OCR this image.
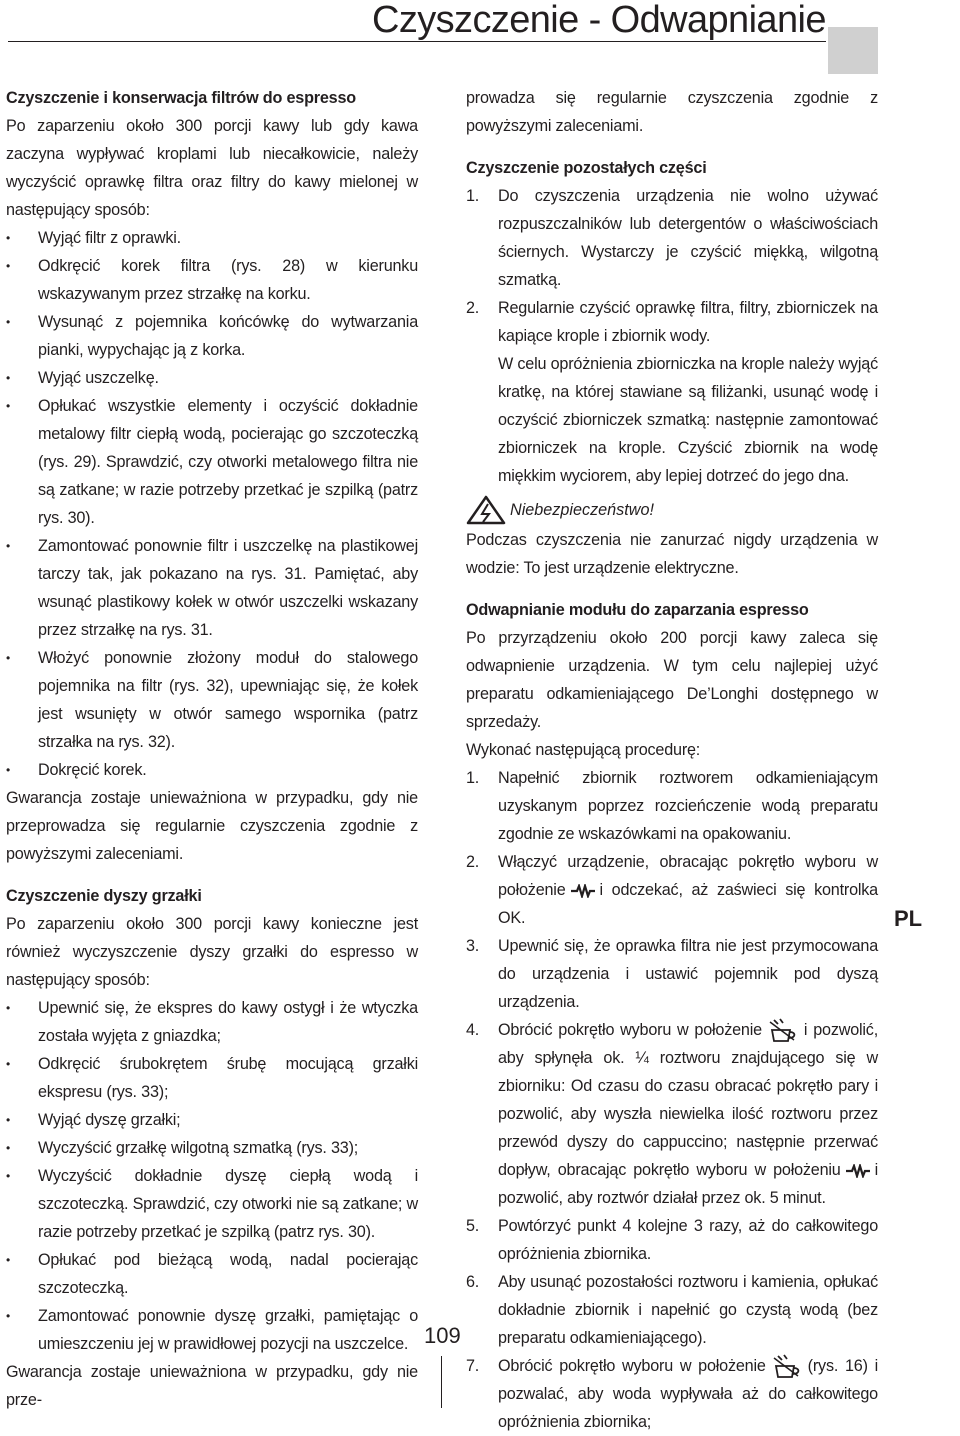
Czyszczenie - Odwapnianie
Czyszczenie i konserwacja filtrów do espresso

Po zaparzeniu około 300 porcji kawy lub gdy kawa zaczyna wypływać kroplami lub niecałkowicie, należy wyczyścić oprawkę filtra oraz filtry do kawy mielonej w następujący sposób:

• Wyjąć filtr z oprawki.
• Odkręcić korek filtra (rys. 28) w kierunku wskazywanym przez strzałkę na korku.
• Wysunąć z pojemnika końcówkę do wytwarzania pianki, wypychając ją z korka.
• Wyjąć uszczelkę.
• Opłukać wszystkie elementy i oczyścić dokładnie metalowy filtr ciepłą wodą, pocierając go szczoteczką (rys. 29). Sprawdzić, czy otworki metalowego filtra nie są zatkane; w razie potrzeby przetkać je szpilką (patrz rys. 30).
• Zamontować ponownie filtr i uszczelkę na plastikowej tarczy tak, jak pokazano na rys. 31. Pamiętać, aby wsunąć plastikowy kołek w otwór uszczelki wskazany przez strzałkę na rys. 31.
• Włożyć ponownie złożony moduł do stalowego pojemnika na filtr (rys. 32), upewniając się, że kołek jest wsunięty w otwór samego wspornika (patrz strzałka na rys. 32).
• Dokręcić korek.

Gwarancja zostaje unieważniona w przypadku, gdy nie przeprowadza się regularnie czyszczenia zgodnie z powyższymi zaleceniami.

Czyszczenie dyszy grzałki

Po zaparzeniu około 300 porcji kawy konieczne jest również wyczyszczenie dyszy grzałki do espresso w następujący sposób:

• Upewnić się, że ekspres do kawy ostygł i że wtyczka została wyjęta z gniazdka;
• Odkręcić śrubokrętem śrubę mocującą grzałki ekspresu (rys. 33);
• Wyjąć dyszę grzałki;
• Wyczyścić grzałkę wilgotną szmatką (rys. 33);
• Wyczyścić dokładnie dyszę ciepłą wodą i szczoteczką. Sprawdzić, czy otworki nie są zatkane; w razie potrzeby przetkać je szpilką (patrz rys. 30).
• Opłukać pod bieżącą wodą, nadal pocierając szczoteczką.
• Zamontować ponownie dyszę grzałki, pamiętając o umieszczeniu jej w prawidłowej pozycji na uszczelce.

Gwarancja zostaje unieważniona w przypadku, gdy nie prze-

prowadza się regularnie czyszczenia zgodnie z powyższymi zaleceniami.

Czyszczenie pozostałych części
1. Do czyszczenia urządzenia nie wolno używać rozpuszczalników lub detergentów o właściwościach ściernych. Wystarczy je czyścić miękką, wilgotną szmatką.
2. Regularnie czyścić oprawkę filtra, filtry, zbiorniczek na kapiące krople i zbiornik wody.
W celu opróżnienia zbiorniczka na krople należy wyjąć kratkę, na której stawiane są filiżanki, usunąć wodę i oczyścić zbiorniczek szmatką: następnie zamontować zbiorniczek na krople. Czyścić zbiornik na wodę miękkim wyciorem, aby lepiej dotrzeć do jego dna.
Niebezpieczeństwo!

Podczas czyszczenia nie zanurzać nigdy urządzenia w wodzie: To jest urządzenie elektryczne.

Odwapnianie modułu do zaparzania espresso

Po przyrządzeniu około 200 porcji kawy zaleca się odwapnienie urządzenia. W tym celu najlepiej użyć preparatu odkamieniającego De’Longhi dostępnego w sprzedaży.

Wykonać następującą procedurę:

1. Napełnić zbiornik roztworem odkamieniającym uzyskanym poprzez rozcieńczenie wodą preparatu zgodnie ze wskazówkami na opakowaniu.
2. Włączyć urządzenie, obracając pokrętło wyboru w położenie i odczekać, aż zaświeci się kontrolka OK.
3. Upewnić się, że oprawka filtra nie jest przymocowana do urządzenia i ustawić pojemnik pod dyszą urządzenia.
4. Obrócić pokrętło wyboru w położenie	i pozwolić, aby spłynęła ok. ¼ roztworu znajdującego się w zbiorniku: Od czasu do czasu obracać pokrętło pary i pozwolić, aby wyszła niewielka ilość roztworu przez przewód dyszy do cappuccino; następnie przerwać dopływ, obracając pokrętło wyboru w położeniu i pozwolić, aby roztwór działał przez ok. 5 minut.
5. Powtórzyć punkt 4 kolejne 3 razy, aż do całkowitego opróżnienia zbiornika.
6. Aby usunąć pozostałości roztworu i kamienia, opłukać dokładnie zbiornik i napełnić go czystą wodą (bez preparatu odkamieniającego).
7. Obrócić pokrętło wyboru w położenie	(rys. 16) i pozwalać, aby woda wypływała aż do całkowitego opróżnienia zbiornika;
109
PL
